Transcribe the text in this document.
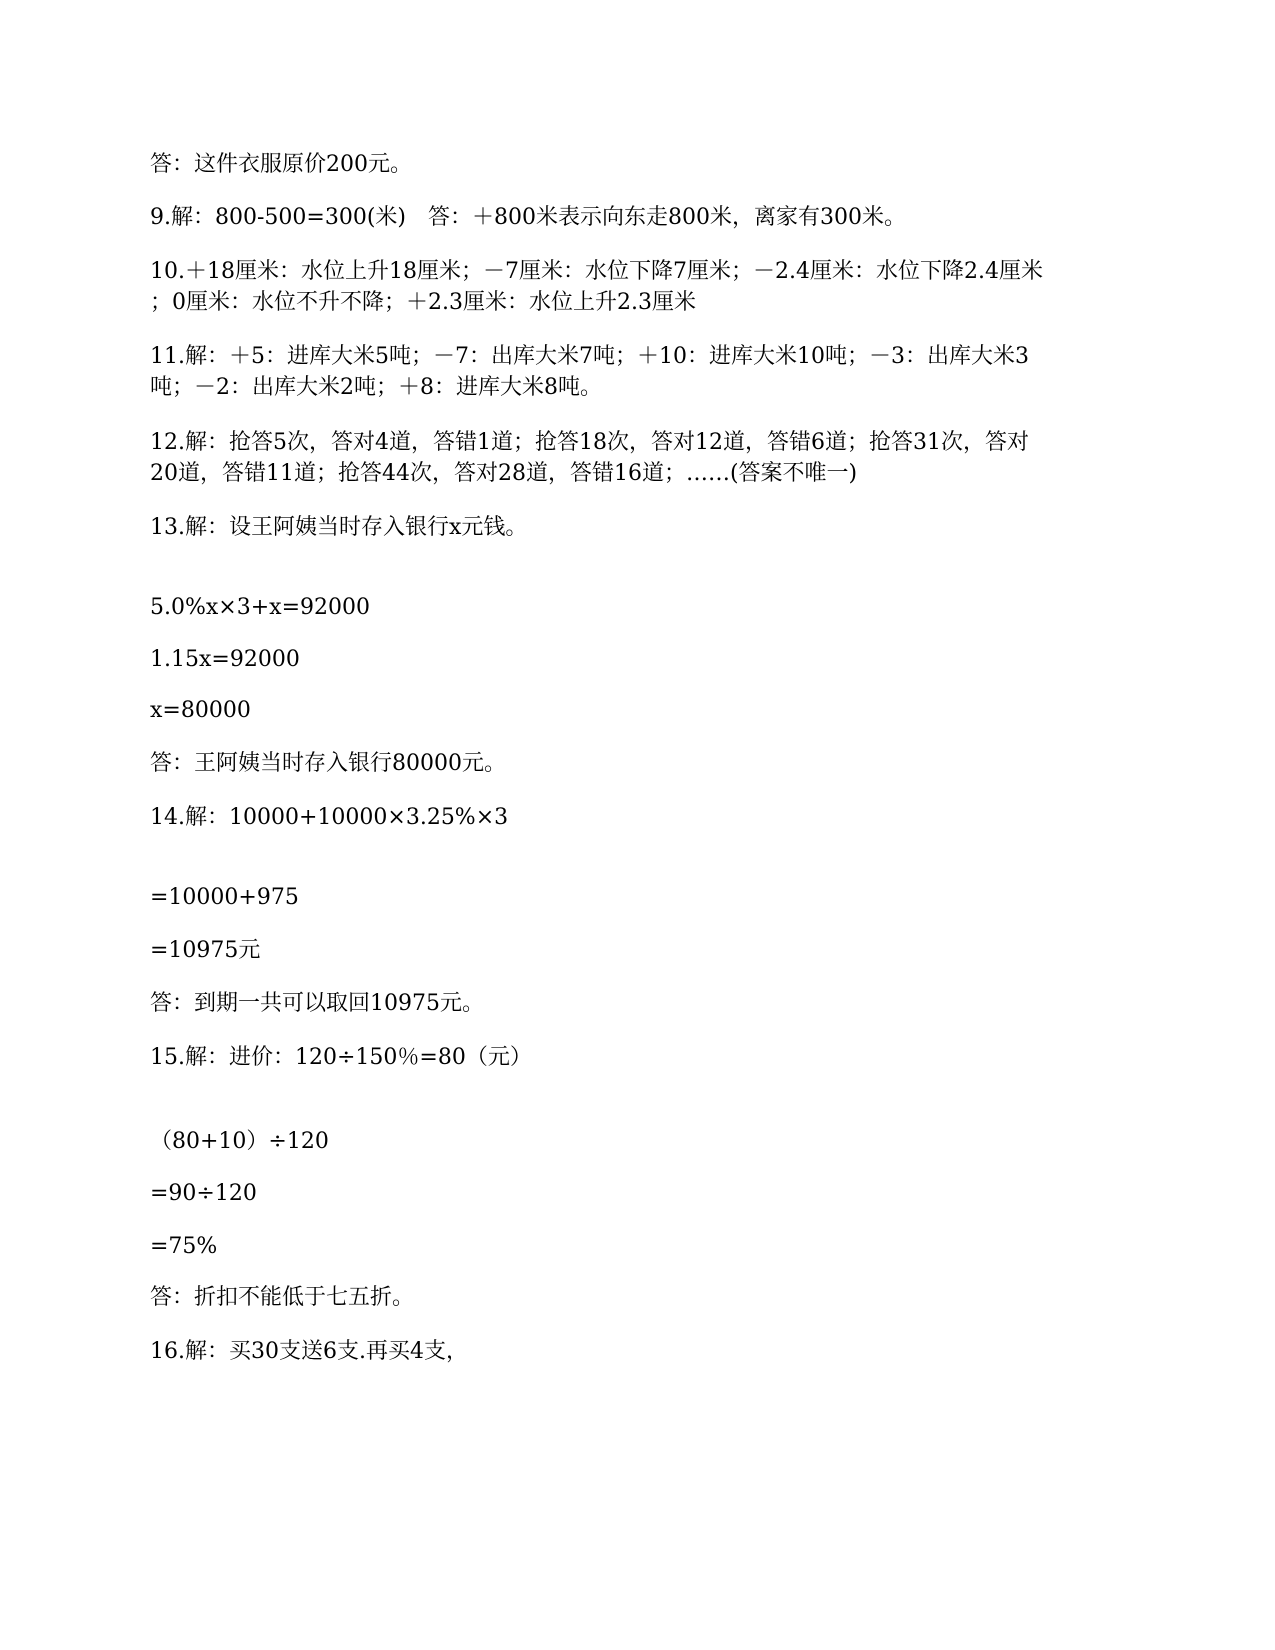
答：这件衣服原价200元。
9.解：800-500=300(米)　答：＋800米表示向东走800米，离家有300米。
10.＋18厘米：水位上升18厘米；－7厘米：水位下降7厘米；－2.4厘米：水位下降2.4厘米
；0厘米：水位不升不降；＋2.3厘米：水位上升2.3厘米
11.解：＋5：进库大米5吨；－7：出库大米7吨；＋10：进库大米10吨；－3：出库大米3
吨；－2：出库大米2吨；＋8：进库大米8吨。
12.解：抢答5次，答对4道，答错1道；抢答18次，答对12道，答错6道；抢答31次，答对
20道，答错11道；抢答44次，答对28道，答错16道；……(答案不唯一)
13.解：设王阿姨当时存入银行x元钱。
5.0%x×3+x=92000
1.15x=92000
x=80000
答：王阿姨当时存入银行80000元。
14.解：10000+10000×3.25%×3
=10000+975
=10975元
答：到期一共可以取回10975元。
15.解：进价：120÷150％=80（元）
（80+10）÷120
=90÷120
=75%
答：折扣不能低于七五折。
16.解：买30支送6支.再买4支，
